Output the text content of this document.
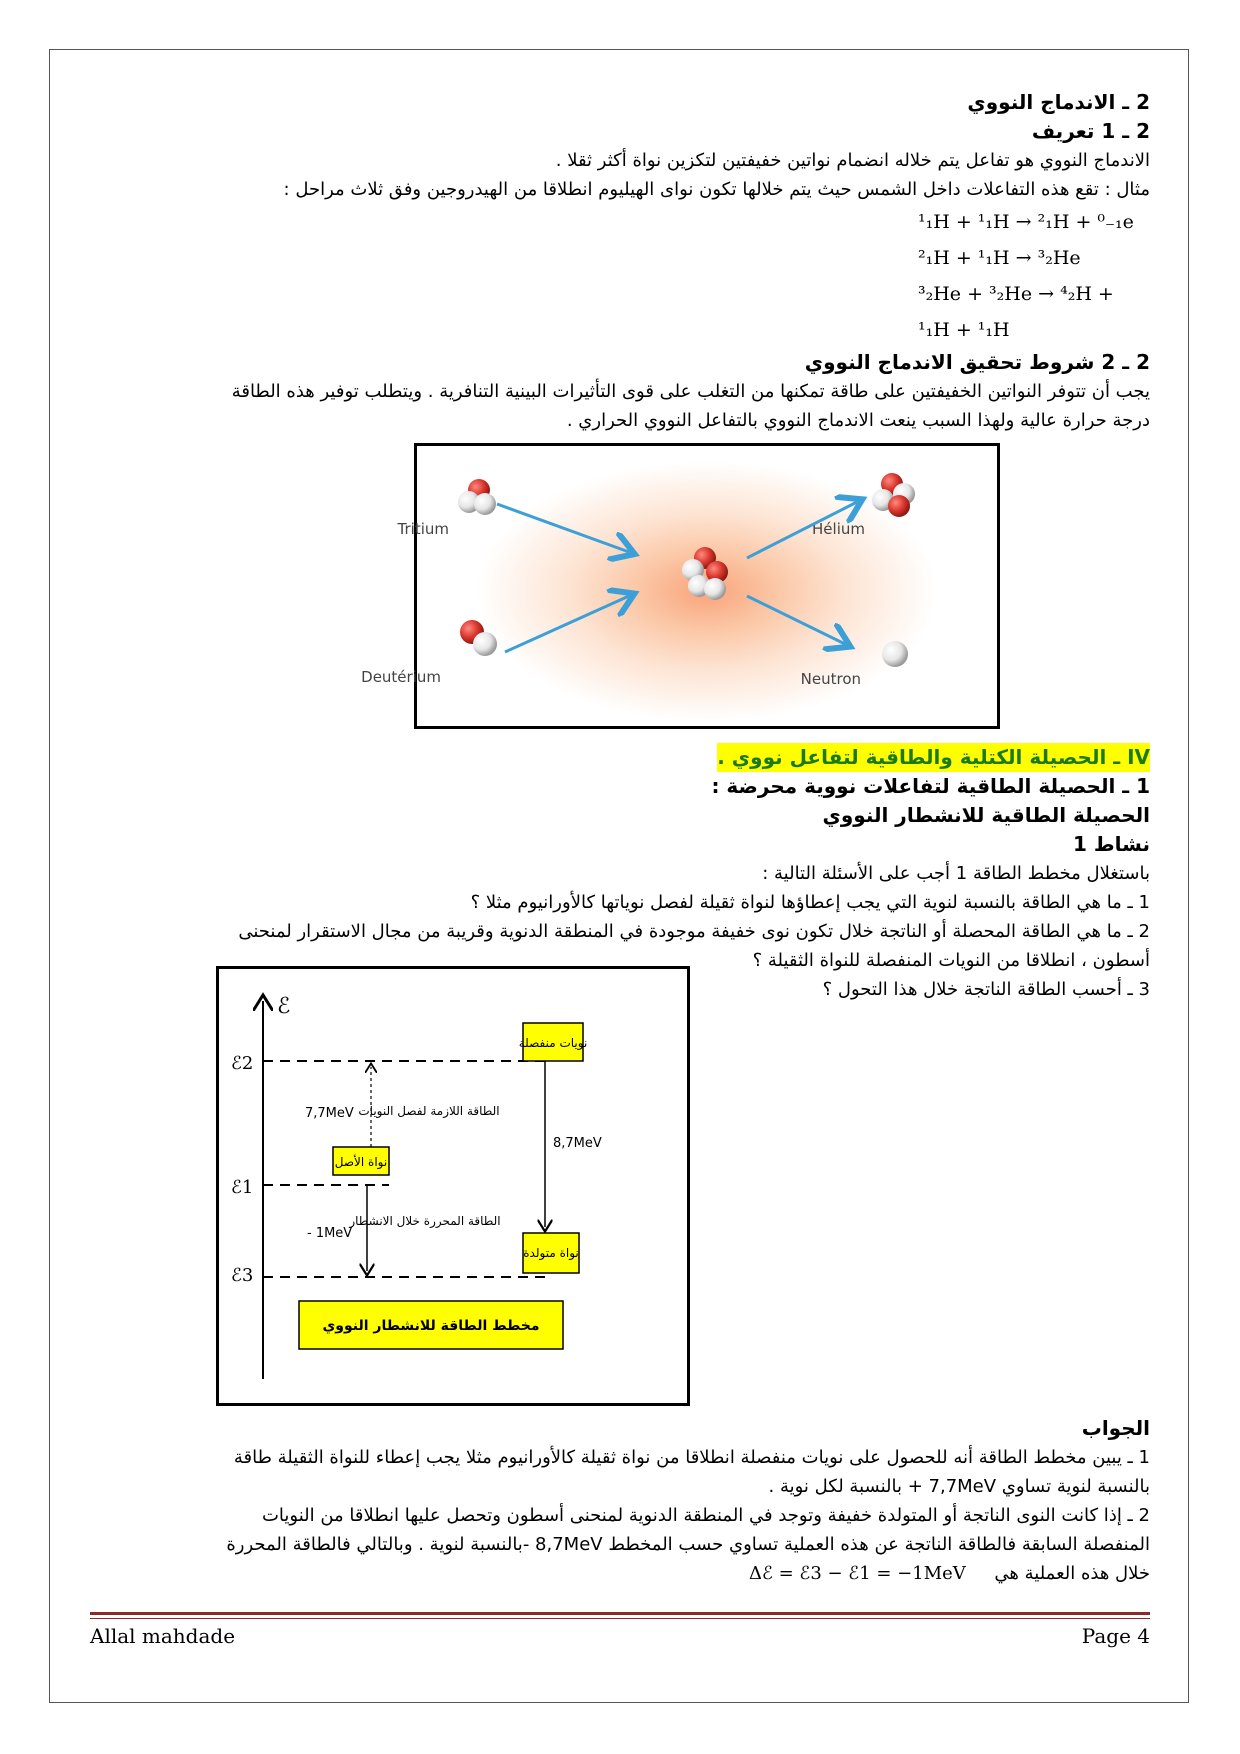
2 ـ الاندماج النووي

2 ـ 1 تعريف

الاندماج النووي هو تفاعل يتم خلاله انضمام نواتين خفيفتين لتكزين نواة أكثر ثقلا .

مثال : تقع هذه التفاعلات داخل الشمس حيث يتم خلالها تكون نواى الهيليوم انطلاقا من الهيدروجين وفق ثلاث مراحل :

¹₁H + ¹₁H → ²₁H + ⁰₋₁e
²₁H + ¹₁H → ³₂He
³₂He + ³₂He → ⁴₂H + ¹₁H + ¹₁H

2 ـ 2 شروط تحقيق الاندماج النووي

يجب أن تتوفر النواتين الخفيفتين على طاقة تمكنها من التغلب على قوى التأثيرات البينية التنافرية . ويتطلب توفير هذه الطاقة

درجة حرارة عالية ولهذا السبب ينعت الاندماج النووي بالتفاعل النووي الحراري .

Tritium
Deutérium
Hélium
Neutron

IV ـ الحصيلة الكتلية والطاقية لتفاعل نووي .

1 ـ الحصيلة الطاقية لتفاعلات نووية محرضة :

الحصيلة الطاقية للانشطار النووي

نشاط 1

باستغلال مخطط الطاقة 1 أجب على الأسئلة التالية :

1 ـ ما هي الطاقة بالنسبة لنوية التي يجب إعطاؤها لنواة ثقيلة لفصل نوياتها كالأورانيوم مثلا ؟

2 ـ ما هي الطاقة المحصلة أو الناتجة خلال تكون نوى خفيفة موجودة في المنطقة الدنوية وقريبة من مجال الاستقرار لمنحنى

أسطون ، انطلاقا من النويات المنفصلة للنواة الثقيلة ؟

3 ـ أحسب الطاقة الناتجة خلال هذا التحول ؟

ℰ
ℰ2
ℰ1
ℰ3
نويات منفصلة
نواة الأصل
نواة متولدة
مخطط الطاقة للانشطار النووي
الطاقة اللازمة لفصل النويات
7,7MeV
8,7MeV
- 1MeV
الطاقة المحررة خلال الانشطار

الجواب

1 ـ يبين مخطط الطاقة أنه للحصول على نويات منفصلة انطلاقا من نواة ثقيلة كالأورانيوم مثلا يجب إعطاء للنواة الثقيلة طاقة

بالنسبة لنوية تساوي 7,7MeV + بالنسبة لكل نوية .

2 ـ إذا كانت النوى الناتجة أو المتولدة خفيفة وتوجد في المنطقة الدنوية لمنحنى أسطون وتحصل عليها انطلاقا من النويات

المنفصلة السابقة فالطاقة الناتجة عن هذه العملية تساوي حسب المخطط 8,7MeV -بالنسبة لنوية . وبالتالي فالطاقة المحررة

خلال هذه العملية هي     Δℰ = ℰ3 − ℰ1 = −1MeV

Allal mahdade	Page 4
